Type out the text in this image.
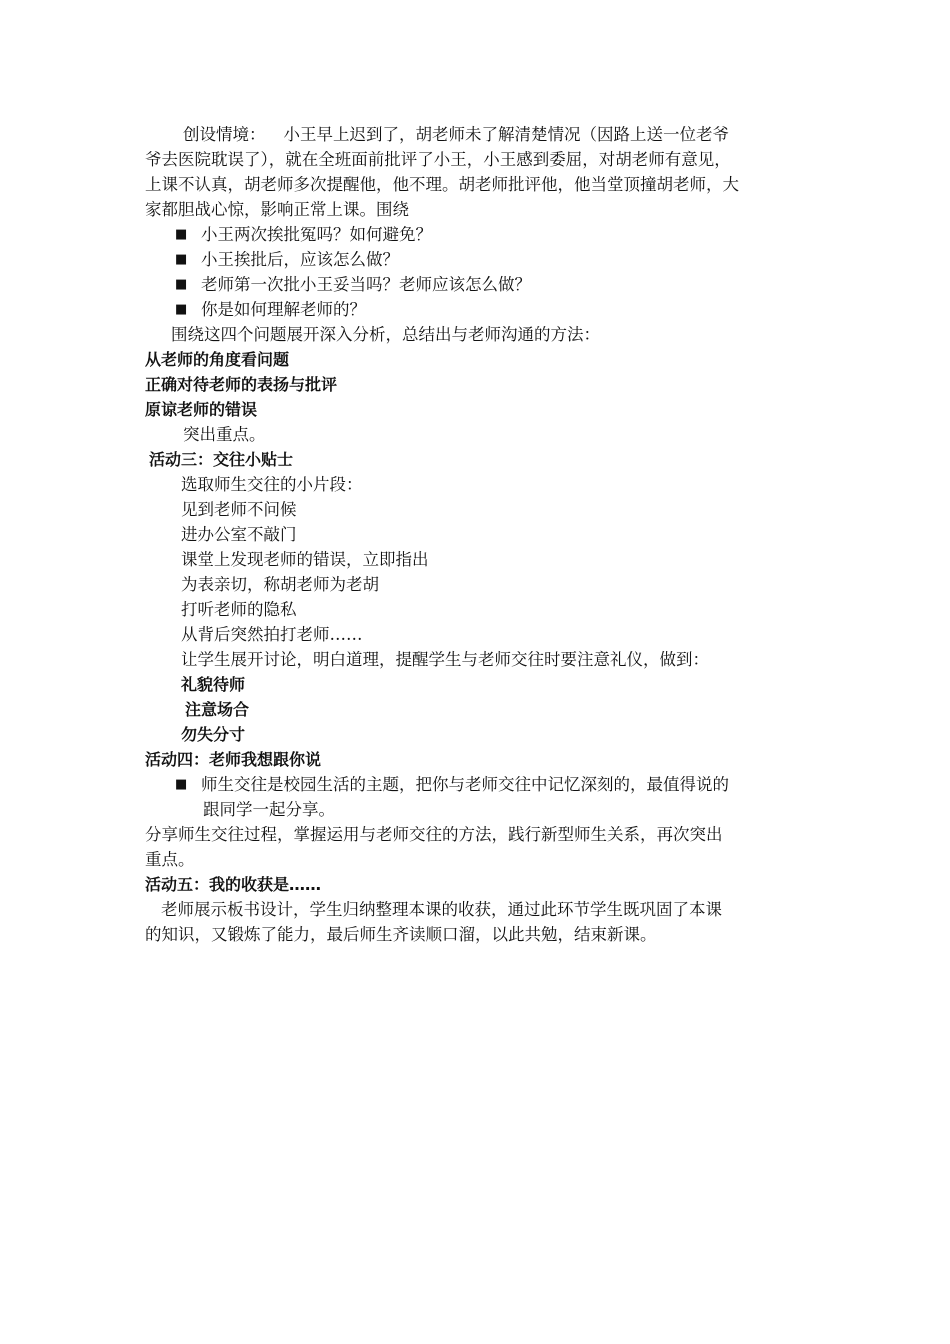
创设情境： 小王早上迟到了，胡老师未了解清楚情况（因路上送一位老爷
爷去医院耽误了），就在全班面前批评了小王，小王感到委屈，对胡老师有意见，
上课不认真，胡老师多次提醒他，他不理。胡老师批评他，他当堂顶撞胡老师，大
家都胆战心惊，影响正常上课。围绕
■ 小王两次挨批冤吗？如何避免？
■ 小王挨批后，应该怎么做？
■ 老师第一次批小王妥当吗？老师应该怎么做？
■ 你是如何理解老师的？
围绕这四个问题展开深入分析，总结出与老师沟通的方法：
从老师的角度看问题
正确对待老师的表扬与批评
原谅老师的错误
突出重点。
活动三：交往小贴士
选取师生交往的小片段：
见到老师不问候
进办公室不敲门
课堂上发现老师的错误，立即指出
为表亲切，称胡老师为老胡
打听老师的隐私
从背后突然拍打老师……
让学生展开讨论，明白道理，提醒学生与老师交往时要注意礼仪，做到：
礼貌待师
注意场合
勿失分寸
活动四：老师我想跟你说
■ 师生交往是校园生活的主题，把你与老师交往中记忆深刻的，最值得说的
跟同学一起分享。
分享师生交往过程，掌握运用与老师交往的方法，践行新型师生关系，再次突出
重点。
活动五：我的收获是……
老师展示板书设计，学生归纳整理本课的收获，通过此环节学生既巩固了本课
的知识，又锻炼了能力，最后师生齐读顺口溜，以此共勉，结束新课。
